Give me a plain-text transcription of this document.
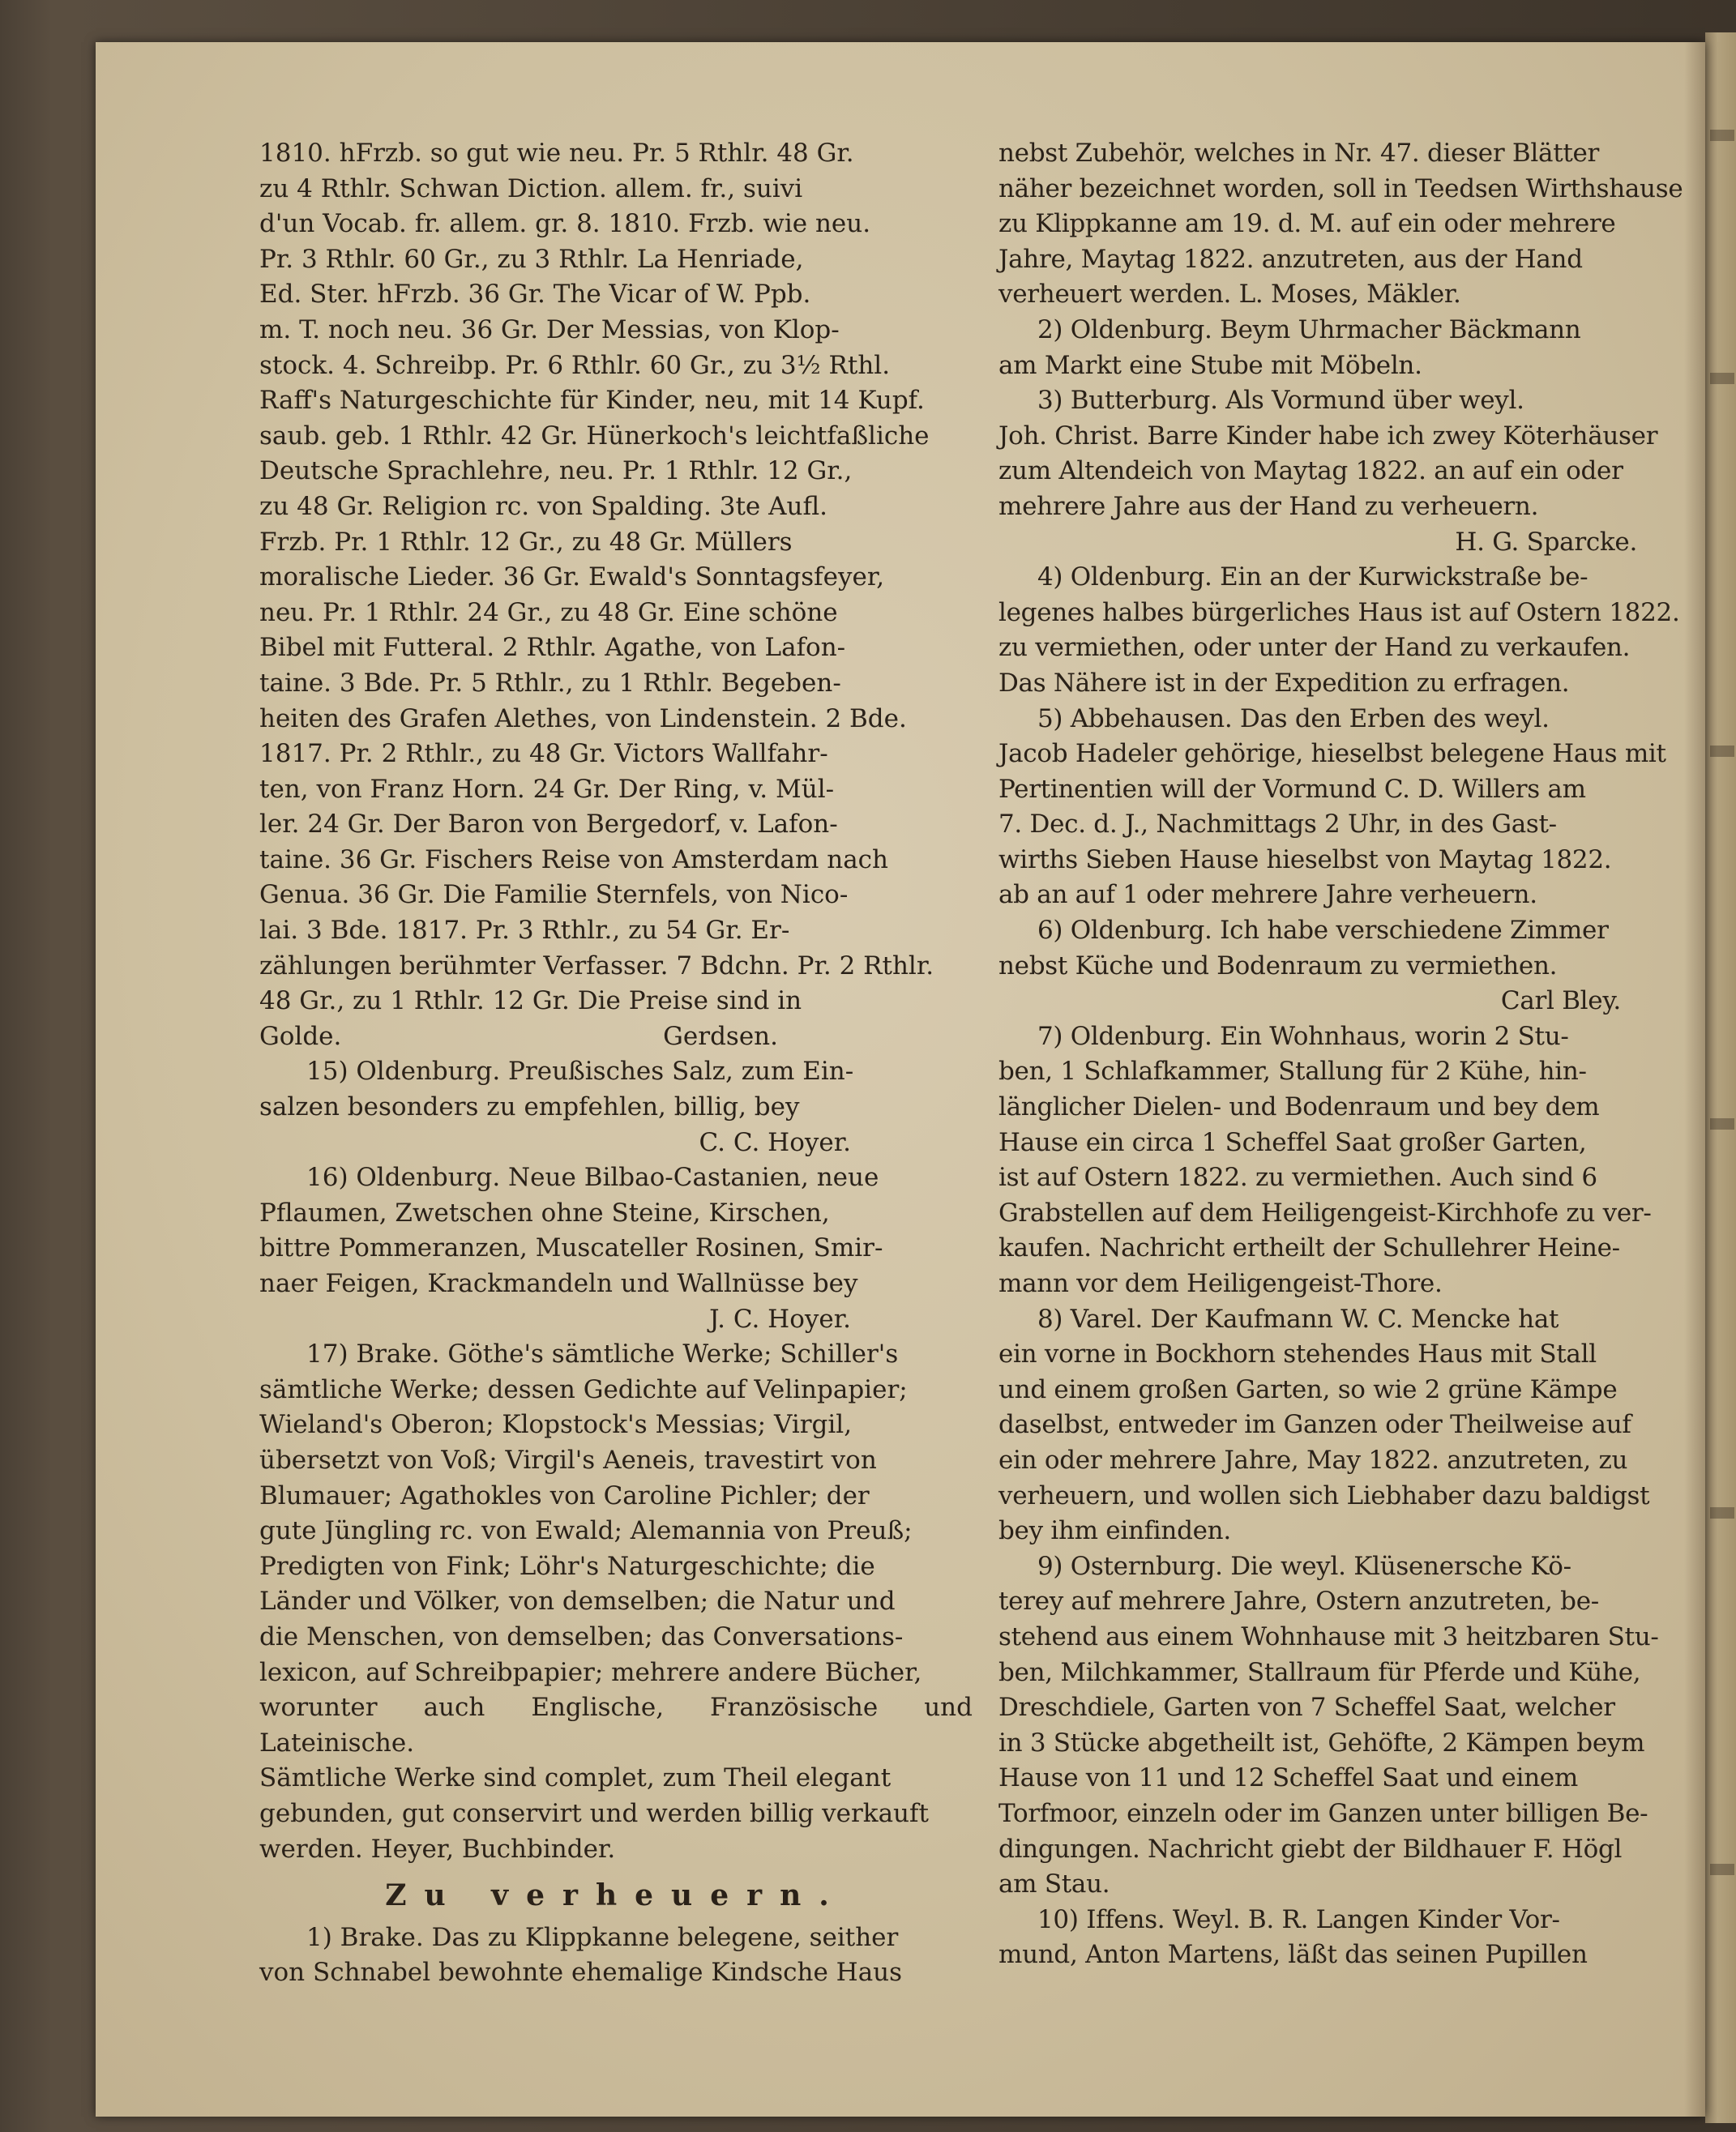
1810. hFrzb. so gut wie neu. Pr. 5 Rthlr. 48 Gr.
zu 4 Rthlr. Schwan Diction. allem. fr., suivi
d'un Vocab. fr. allem. gr. 8. 1810. Frzb. wie neu.
Pr. 3 Rthlr. 60 Gr., zu 3 Rthlr. La Henriade,
Ed. Ster. hFrzb. 36 Gr. The Vicar of W. Ppb.
m. T. noch neu. 36 Gr. Der Messias, von Klop-
stock. 4. Schreibp. Pr. 6 Rthlr. 60 Gr., zu 3½ Rthl.
Raff's Naturgeschichte für Kinder, neu, mit 14 Kupf.
saub. geb. 1 Rthlr. 42 Gr. Hünerkoch's leichtfaßliche
Deutsche Sprachlehre, neu. Pr. 1 Rthlr. 12 Gr.,
zu 48 Gr. Religion rc. von Spalding. 3te Aufl.
Frzb. Pr. 1 Rthlr. 12 Gr., zu 48 Gr. Müllers
moralische Lieder. 36 Gr. Ewald's Sonntagsfeyer,
neu. Pr. 1 Rthlr. 24 Gr., zu 48 Gr. Eine schöne
Bibel mit Futteral. 2 Rthlr. Agathe, von Lafon-
taine. 3 Bde. Pr. 5 Rthlr., zu 1 Rthlr. Begeben-
heiten des Grafen Alethes, von Lindenstein. 2 Bde.
1817. Pr. 2 Rthlr., zu 48 Gr. Victors Wallfahr-
ten, von Franz Horn. 24 Gr. Der Ring, v. Mül-
ler. 24 Gr. Der Baron von Bergedorf, v. Lafon-
taine. 36 Gr. Fischers Reise von Amsterdam nach
Genua. 36 Gr. Die Familie Sternfels, von Nico-
lai. 3 Bde. 1817. Pr. 3 Rthlr., zu 54 Gr. Er-
zählungen berühmter Verfasser. 7 Bdchn. Pr. 2 Rthlr.
48 Gr., zu 1 Rthlr. 12 Gr. Die Preise sind in
Golde.	Gerdsen.
15) Oldenburg. Preußisches Salz, zum Ein-
salzen besonders zu empfehlen, billig, bey
C. C. Hoyer.
16) Oldenburg. Neue Bilbao-Castanien, neue
Pflaumen, Zwetschen ohne Steine, Kirschen,
bittre Pommeranzen, Muscateller Rosinen, Smir-
naer Feigen, Krackmandeln und Wallnüsse bey
J. C. Hoyer.
17) Brake. Göthe's sämtliche Werke; Schiller's
sämtliche Werke; dessen Gedichte auf Velinpapier;
Wieland's Oberon; Klopstock's Messias; Virgil,
übersetzt von Voß; Virgil's Aeneis, travestirt von
Blumauer; Agathokles von Caroline Pichler; der
gute Jüngling rc. von Ewald; Alemannia von Preuß;
Predigten von Fink; Löhr's Naturgeschichte; die
Länder und Völker, von demselben; die Natur und
die Menschen, von demselben; das Conversations-
lexicon, auf Schreibpapier; mehrere andere Bücher,
worunter auch Englische, Französische und Lateinische.
Sämtliche Werke sind complet, zum Theil elegant
gebunden, gut conservirt und werden billig verkauft
werden. Heyer, Buchbinder.
Zu verheuern.
1) Brake. Das zu Klippkanne belegene, seither
von Schnabel bewohnte ehemalige Kindsche Haus
nebst Zubehör, welches in Nr. 47. dieser Blätter
näher bezeichnet worden, soll in Teedsen Wirthshause
zu Klippkanne am 19. d. M. auf ein oder mehrere
Jahre, Maytag 1822. anzutreten, aus der Hand
verheuert werden. L. Moses, Mäkler.
2) Oldenburg. Beym Uhrmacher Bäckmann
am Markt eine Stube mit Möbeln.
3) Butterburg. Als Vormund über weyl.
Joh. Christ. Barre Kinder habe ich zwey Köterhäuser
zum Altendeich von Maytag 1822. an auf ein oder
mehrere Jahre aus der Hand zu verheuern.
H. G. Sparcke.
4) Oldenburg. Ein an der Kurwickstraße be-
legenes halbes bürgerliches Haus ist auf Ostern 1822.
zu vermiethen, oder unter der Hand zu verkaufen.
Das Nähere ist in der Expedition zu erfragen.
5) Abbehausen. Das den Erben des weyl.
Jacob Hadeler gehörige, hieselbst belegene Haus mit
Pertinentien will der Vormund C. D. Willers am
7. Dec. d. J., Nachmittags 2 Uhr, in des Gast-
wirths Sieben Hause hieselbst von Maytag 1822.
ab an auf 1 oder mehrere Jahre verheuern.
6) Oldenburg. Ich habe verschiedene Zimmer
nebst Küche und Bodenraum zu vermiethen.
Carl Bley.
7) Oldenburg. Ein Wohnhaus, worin 2 Stu-
ben, 1 Schlafkammer, Stallung für 2 Kühe, hin-
länglicher Dielen- und Bodenraum und bey dem
Hause ein circa 1 Scheffel Saat großer Garten,
ist auf Ostern 1822. zu vermiethen. Auch sind 6
Grabstellen auf dem Heiligengeist-Kirchhofe zu ver-
kaufen. Nachricht ertheilt der Schullehrer Heine-
mann vor dem Heiligengeist-Thore.
8) Varel. Der Kaufmann W. C. Mencke hat
ein vorne in Bockhorn stehendes Haus mit Stall
und einem großen Garten, so wie 2 grüne Kämpe
daselbst, entweder im Ganzen oder Theilweise auf
ein oder mehrere Jahre, May 1822. anzutreten, zu
verheuern, und wollen sich Liebhaber dazu baldigst
bey ihm einfinden.
9) Osternburg. Die weyl. Klüsenersche Kö-
terey auf mehrere Jahre, Ostern anzutreten, be-
stehend aus einem Wohnhause mit 3 heitzbaren Stu-
ben, Milchkammer, Stallraum für Pferde und Kühe,
Dreschdiele, Garten von 7 Scheffel Saat, welcher
in 3 Stücke abgetheilt ist, Gehöfte, 2 Kämpen beym
Hause von 11 und 12 Scheffel Saat und einem
Torfmoor, einzeln oder im Ganzen unter billigen Be-
dingungen. Nachricht giebt der Bildhauer F. Högl
am Stau.
10) Iffens. Weyl. B. R. Langen Kinder Vor-
mund, Anton Martens, läßt das seinen Pupillen
